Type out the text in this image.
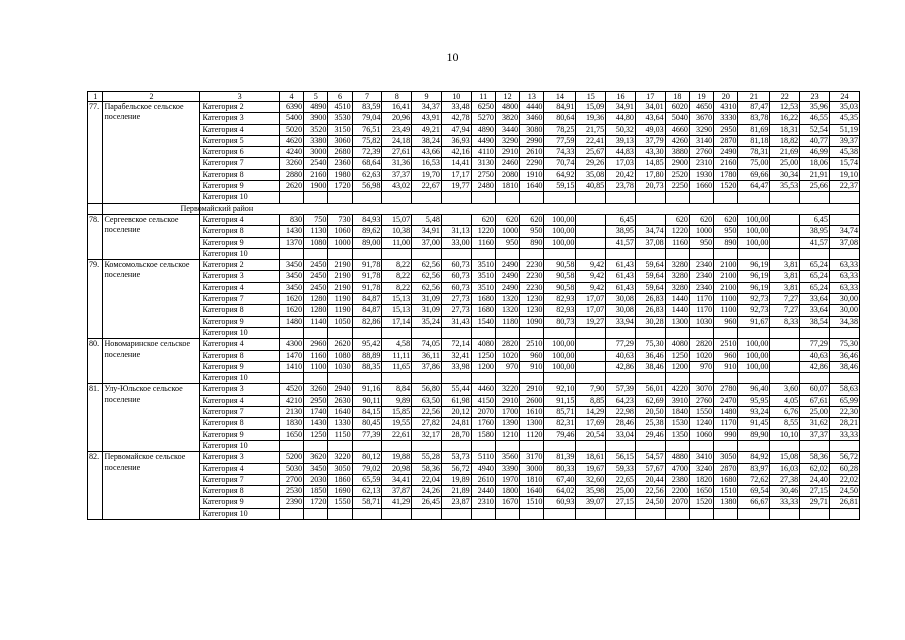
10
1	2	3	4	5	6	7	8	9	10	11	12	13	14	15	16	17	18	19	20	21	22	23	24
77.	Парабельское сельское поселение	Категория 2	6390	4890	4510	83,59	16,41	34,37	33,48	6250	4800	4440	84,91	15,09	34,91	34,01	6020	4650	4310	87,47	12,53	35,96	35,03
		Категория 3	5400	3900	3530	79,04	20,96	43,91	42,78	5270	3820	3460	80,64	19,36	44,80	43,64	5040	3670	3330	83,78	16,22	46,55	45,35
		Категория 4	5020	3520	3150	76,51	23,49	49,21	47,94	4890	3440	3080	78,25	21,75	50,32	49,03	4660	3290	2950	81,69	18,31	52,54	51,19
		Категория 5	4620	3380	3060	75,82	24,18	38,24	36,93	4490	3290	2990	77,59	22,41	39,13	37,79	4260	3140	2870	81,18	18,82	40,77	39,37
		Категория 6	4240	3000	2680	72,39	27,61	43,66	42,16	4110	2910	2610	74,33	25,67	44,83	43,30	3880	2760	2490	78,31	21,69	46,99	45,38
		Категория 7	3260	2540	2360	68,64	31,36	16,53	14,41	3130	2460	2290	70,74	29,26	17,03	14,85	2900	2310	2160	75,00	25,00	18,06	15,74
		Категория 8	2880	2160	1980	62,63	37,37	19,70	17,17	2750	2080	1910	64,92	35,08	20,42	17,80	2520	1930	1780	69,66	30,34	21,91	19,10
		Категория 9	2620	1900	1720	56,98	43,02	22,67	19,77	2480	1810	1640	59,15	40,85	23,78	20,73	2250	1660	1520	64,47	35,53	25,66	22,37
		Категория 10																					
		Первомайский район																					
78.	Сергеевское сельское поселение	Категория 4	830	750	730	84,93	15,07	5,48		620	620	620	100,00		6,45		620	620	620	100,00		6,45	
		Категория 8	1430	1130	1060	89,62	10,38	34,91	31,13	1220	1000	950	100,00		38,95	34,74	1220	1000	950	100,00		38,95	34,74
		Категория 9	1370	1080	1000	89,00	11,00	37,00	33,00	1160	950	890	100,00		41,57	37,08	1160	950	890	100,00		41,57	37,08
		Категория 10																					
79.	Комсомольское сельское поселение	Категория 2	3450	2450	2190	91,78	8,22	62,56	60,73	3510	2490	2230	90,58	9,42	61,43	59,64	3280	2340	2100	96,19	3,81	65,24	63,33
		Категория 3	3450	2450	2190	91,78	8,22	62,56	60,73	3510	2490	2230	90,58	9,42	61,43	59,64	3280	2340	2100	96,19	3,81	65,24	63,33
		Категория 4	3450	2450	2190	91,78	8,22	62,56	60,73	3510	2490	2230	90,58	9,42	61,43	59,64	3280	2340	2100	96,19	3,81	65,24	63,33
		Категория 7	1620	1280	1190	84,87	15,13	31,09	27,73	1680	1320	1230	82,93	17,07	30,08	26,83	1440	1170	1100	92,73	7,27	33,64	30,00
		Категория 8	1620	1280	1190	84,87	15,13	31,09	27,73	1680	1320	1230	82,93	17,07	30,08	26,83	1440	1170	1100	92,73	7,27	33,64	30,00
		Категория 9	1480	1140	1050	82,86	17,14	35,24	31,43	1540	1180	1090	80,73	19,27	33,94	30,28	1300	1030	960	91,67	8,33	38,54	34,38
		Категория 10																					
80.	Новомаринское сельское поселение	Категория 4	4300	2960	2620	95,42	4,58	74,05	72,14	4080	2820	2510	100,00		77,29	75,30	4080	2820	2510	100,00		77,29	75,30
		Категория 8	1470	1160	1080	88,89	11,11	36,11	32,41	1250	1020	960	100,00		40,63	36,46	1250	1020	960	100,00		40,63	36,46
		Категория 9	1410	1100	1030	88,35	11,65	37,86	33,98	1200	970	910	100,00		42,86	38,46	1200	970	910	100,00		42,86	38,46
		Категория 10																					
81.	Улу-Юльское сельское поселение	Категория 3	4520	3260	2940	91,16	8,84	56,80	55,44	4460	3220	2910	92,10	7,90	57,39	56,01	4220	3070	2780	96,40	3,60	60,07	58,63
		Категория 4	4210	2950	2630	90,11	9,89	63,50	61,98	4150	2910	2600	91,15	8,85	64,23	62,69	3910	2760	2470	95,95	4,05	67,61	65,99
		Категория 7	2130	1740	1640	84,15	15,85	22,56	20,12	2070	1700	1610	85,71	14,29	22,98	20,50	1840	1550	1480	93,24	6,76	25,00	22,30
		Категория 8	1830	1430	1330	80,45	19,55	27,82	24,81	1760	1390	1300	82,31	17,69	28,46	25,38	1530	1240	1170	91,45	8,55	31,62	28,21
		Категория 9	1650	1250	1150	77,39	22,61	32,17	28,70	1580	1210	1120	79,46	20,54	33,04	29,46	1350	1060	990	89,90	10,10	37,37	33,33
		Категория 10																					
82.	Первомайское сельское поселение	Категория 3	5200	3620	3220	80,12	19,88	55,28	53,73	5110	3560	3170	81,39	18,61	56,15	54,57	4880	3410	3050	84,92	15,08	58,36	56,72
		Категория 4	5030	3450	3050	79,02	20,98	58,36	56,72	4940	3390	3000	80,33	19,67	59,33	57,67	4700	3240	2870	83,97	16,03	62,02	60,28
		Категория 7	2700	2030	1860	65,59	34,41	22,04	19,89	2610	1970	1810	67,40	32,60	22,65	20,44	2380	1820	1680	72,62	27,38	24,40	22,02
		Категория 8	2530	1850	1690	62,13	37,87	24,26	21,89	2440	1800	1640	64,02	35,98	25,00	22,56	2200	1650	1510	69,54	30,46	27,15	24,50
		Категория 9	2390	1720	1550	58,71	41,29	26,45	23,87	2310	1670	1510	60,93	39,07	27,15	24,50	2070	1520	1380	66,67	33,33	29,71	26,81
		Категория 10																					
